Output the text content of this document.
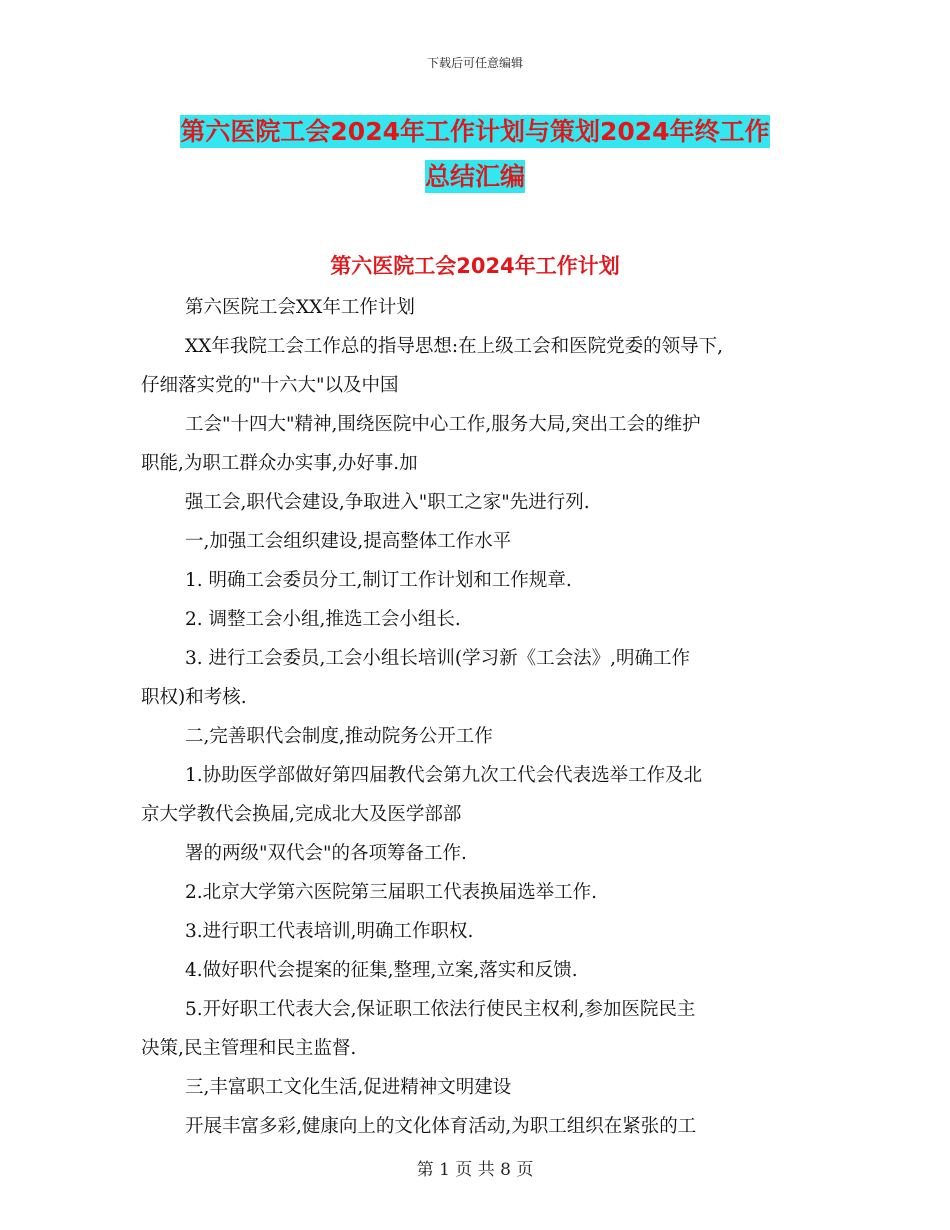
下载后可任意编辑
第六医院工会2024年工作计划与策划2024年终工作
总结汇编
第六医院工会2024年工作计划
第六医院工会XX年工作计划
XX年我院工会工作总的指导思想:在上级工会和医院党委的领导下,
仔细落实党的"十六大"以及中国
工会"十四大"精神,围绕医院中心工作,服务大局,突出工会的维护
职能,为职工群众办实事,办好事.加
强工会,职代会建设,争取进入"职工之家"先进行列.
一,加强工会组织建设,提高整体工作水平
1. 明确工会委员分工,制订工作计划和工作规章.
2. 调整工会小组,推选工会小组长.
3. 进行工会委员,工会小组长培训(学习新《工会法》,明确工作
职权)和考核.
二,完善职代会制度,推动院务公开工作
1.协助医学部做好第四届教代会第九次工代会代表选举工作及北
京大学教代会换届,完成北大及医学部部
署的两级"双代会"的各项筹备工作.
2.北京大学第六医院第三届职工代表换届选举工作.
3.进行职工代表培训,明确工作职权.
4.做好职代会提案的征集,整理,立案,落实和反馈.
5.开好职工代表大会,保证职工依法行使民主权利,参加医院民主
决策,民主管理和民主监督.
三,丰富职工文化生活,促进精神文明建设
开展丰富多彩,健康向上的文化体育活动,为职工组织在紧张的工
第 1 页 共 8 页
